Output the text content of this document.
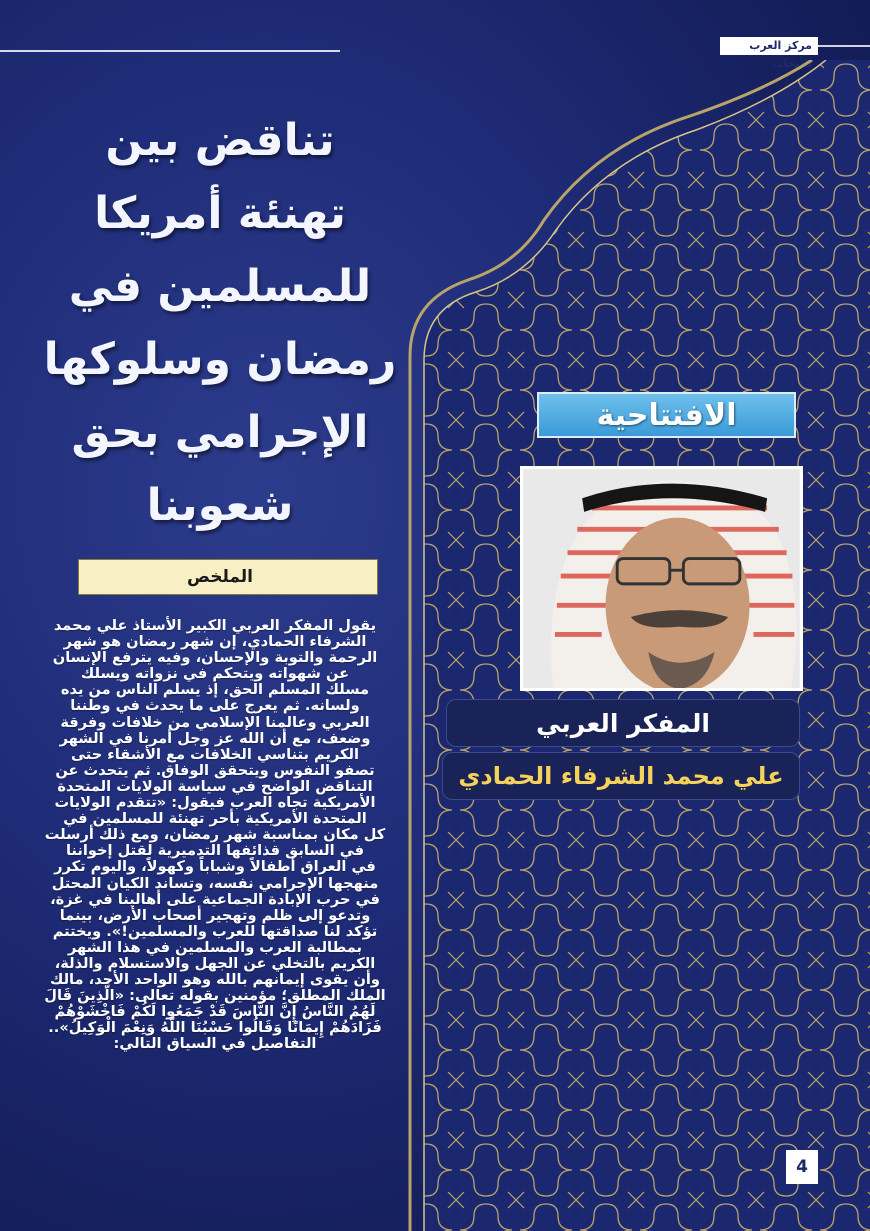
مركز العرب للأبحاث
تناقض بين
تهنئة أمريكا
للمسلمين في
رمضان وسلوكها
الإجرامي بحق
شعوبنا
الافتتاحية
المفكر العربي
علي محمد الشرفاء الحمادي
الملخص
يقول المفكر العربي الكبير الأستاذ علي محمد
الشرفاء الحمادي، إن شهر رمضان هو شهر
الرحمة والتوبة والإحسان، وفيه يترفع الإنسان
عن شهواته ويتحكم في نزواته ويسلك
مسلك المسلم الحق، إذ يسلم الناس من يده
ولسانه. ثم يعرج على ما يحدث في وطننا
العربي وعالمنا الإسلامي من خلافات وفرقة
وضعف، مع أن الله عز وجل أمرنا في الشهر
الكريم بتناسي الخلافات مع الأشقاء حتى
تصفو النفوس ويتحقق الوفاق. ثم يتحدث عن
التناقض الواضح في سياسة الولايات المتحدة
الأمريكية تجاه العرب فيقول: «تتقدم الولايات
المتحدة الأمريكية بأحر تهنئة للمسلمين في
كل مكان بمناسبة شهر رمضان، ومع ذلك أرسلت
في السابق قذائفها التدميرية لقتل إخواننا
في العراق أطفالاً وشباباً وكهولاً، واليوم تكرر
منهجها الإجرامي نفسه، وتساند الكيان المحتل
في حرب الإبادة الجماعية على أهالينا في غزة،
وتدعو إلى ظلم وتهجير أصحاب الأرض، بينما
تؤكد لنا صداقتها للعرب والمسلمين!». ويختتم
بمطالبة العرب والمسلمين في هذا الشهر
الكريم بالتخلي عن الجهل والاستسلام والذلة،
وأن يقوى إيمانهم بالله وهو الواحد الأحد، مالك
الملك المطلق؛ مؤمنين بقوله تعالى: «الَّذِينَ قَالَ
لَهُمُ النَّاسُ إِنَّ النَّاسَ قَدْ جَمَعُوا لَكُمْ فَاخْشَوْهُمْ
فَزَادَهُمْ إِيمَانًا وَقَالُوا حَسْبُنَا اللَّهُ وَنِعْمَ الْوَكِيلُ»..
التفاصيل في السياق التالي:
4
